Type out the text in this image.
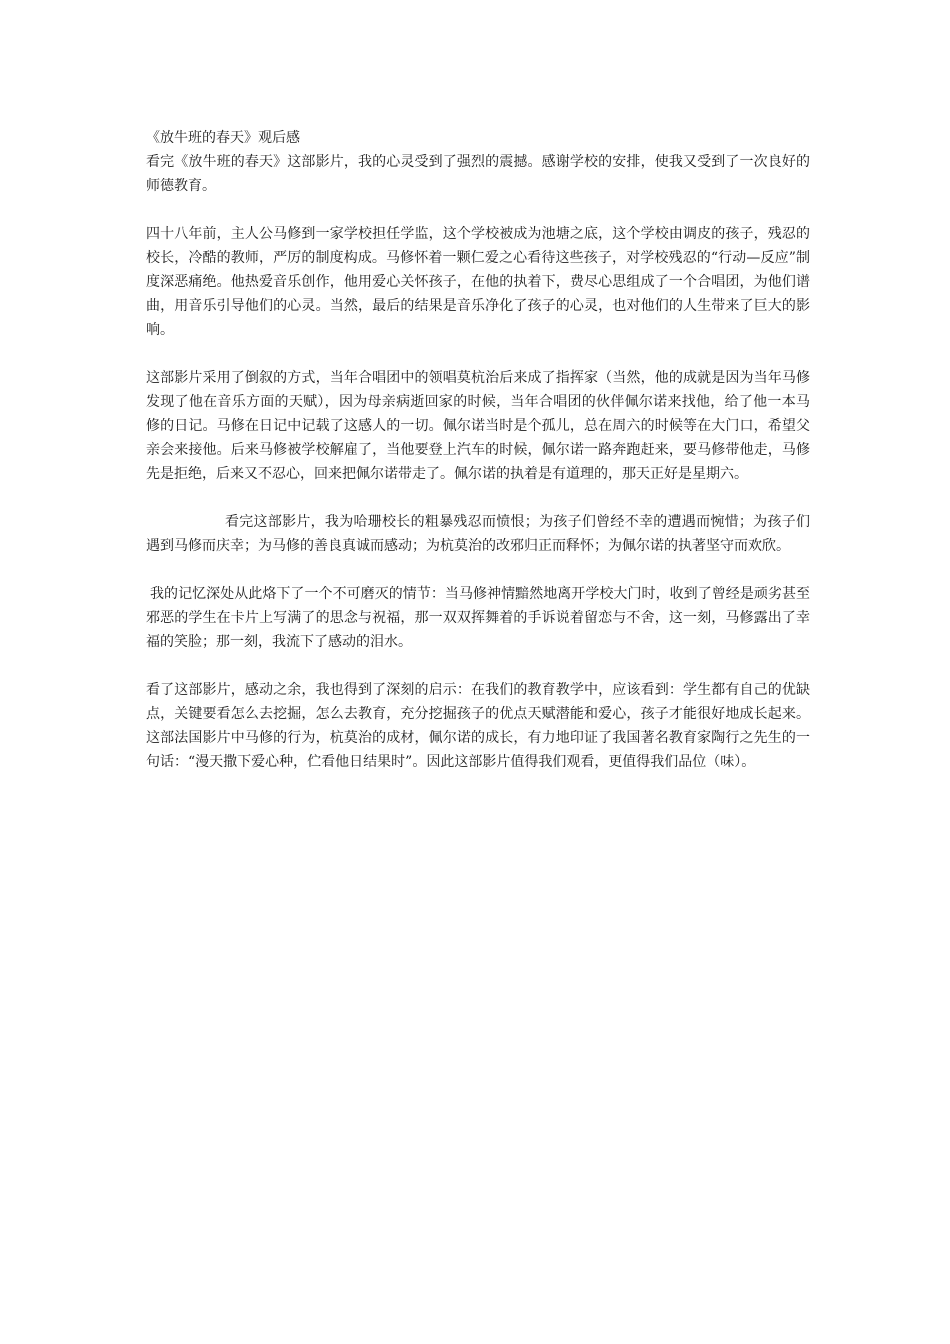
《放牛班的春天》观后感

看完《放牛班的春天》这部影片，我的心灵受到了强烈的震撼。感谢学校的安排，使我又受到了一次良好的师德教育。

四十八年前，主人公马修到一家学校担任学监，这个学校被成为池塘之底，这个学校由调皮的孩子，残忍的校长，冷酷的教师，严厉的制度构成。马修怀着一颗仁爱之心看待这些孩子，对学校残忍的“行动—反应”制度深恶痛绝。他热爱音乐创作，他用爱心关怀孩子，在他的执着下，费尽心思组成了一个合唱团，为他们谱曲，用音乐引导他们的心灵。当然，最后的结果是音乐净化了孩子的心灵，也对他们的人生带来了巨大的影响。

这部影片采用了倒叙的方式，当年合唱团中的领唱莫杭治后来成了指挥家（当然，他的成就是因为当年马修发现了他在音乐方面的天赋），因为母亲病逝回家的时候，当年合唱团的伙伴佩尔诺来找他，给了他一本马修的日记。马修在日记中记载了这感人的一切。佩尔诺当时是个孤儿，总在周六的时候等在大门口，希望父亲会来接他。后来马修被学校解雇了，当他要登上汽车的时候，佩尔诺一路奔跑赶来，要马修带他走，马修先是拒绝，后来又不忍心，回来把佩尔诺带走了。佩尔诺的执着是有道理的，那天正好是星期六。

看完这部影片，我为哈珊校长的粗暴残忍而愤恨；为孩子们曾经不幸的遭遇而惋惜；为孩子们遇到马修而庆幸；为马修的善良真诚而感动；为杭莫治的改邪归正而释怀；为佩尔诺的执著坚守而欢欣。

我的记忆深处从此烙下了一个不可磨灭的情节：当马修神情黯然地离开学校大门时，收到了曾经是顽劣甚至邪恶的学生在卡片上写满了的思念与祝福，那一双双挥舞着的手诉说着留恋与不舍，这一刻，马修露出了幸福的笑脸；那一刻，我流下了感动的泪水。

看了这部影片，感动之余，我也得到了深刻的启示：在我们的教育教学中，应该看到：学生都有自己的优缺点，关键要看怎么去挖掘，怎么去教育，充分挖掘孩子的优点天赋潜能和爱心，孩子才能很好地成长起来。这部法国影片中马修的行为，杭莫治的成材，佩尔诺的成长，有力地印证了我国著名教育家陶行之先生的一句话：“漫天撒下爱心种，伫看他日结果时”。因此这部影片值得我们观看，更值得我们品位（味）。
